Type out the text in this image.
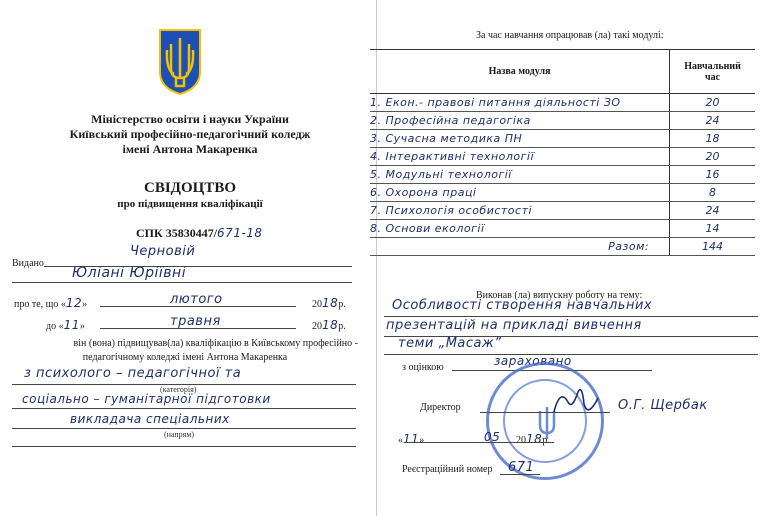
Міністерство освіти і науки України
Київський професійно-педагогічний коледж
імені Антона Макаренка
СВІДОЦТВО
про підвищення кваліфікації
СПК 35830447/671-18
Видано
Черновій
Юліані Юріївні
про те, що «12»	лютого	2018р.
до «11»	травня	2018р.
він (вона) підвищував(ла) кваліфікацію в Київському професійно -
педагогічному коледжі імені Антона Макаренка
з психолого – педагогічної та
(категорія)
соціально – гуманітарної підготовки
викладача спеціальних
(напрям)
За час навчання опрацював (ла) такі модулі:
Назва модуля	Навчальний
час

1. Екон.- правові питання діяльності ЗО	20
2. Професійна педагогіка	24
3. Сучасна методика ПН	18
4. Інтерактивні технології	20
5. Модульні технології	16
6. Охорона праці	8
7. Психологія особистості	24
8. Основи екології	14
Разом:	144
Виконав (ла) випускну роботу на тему:
Особливості створення навчальних
презентацій на прикладі вивчення
теми „Масаж”
з оцінкою	зараховано
Директор	О.Г. Щербак
«11»	05 2018р.
Реєстраційний номер 671
